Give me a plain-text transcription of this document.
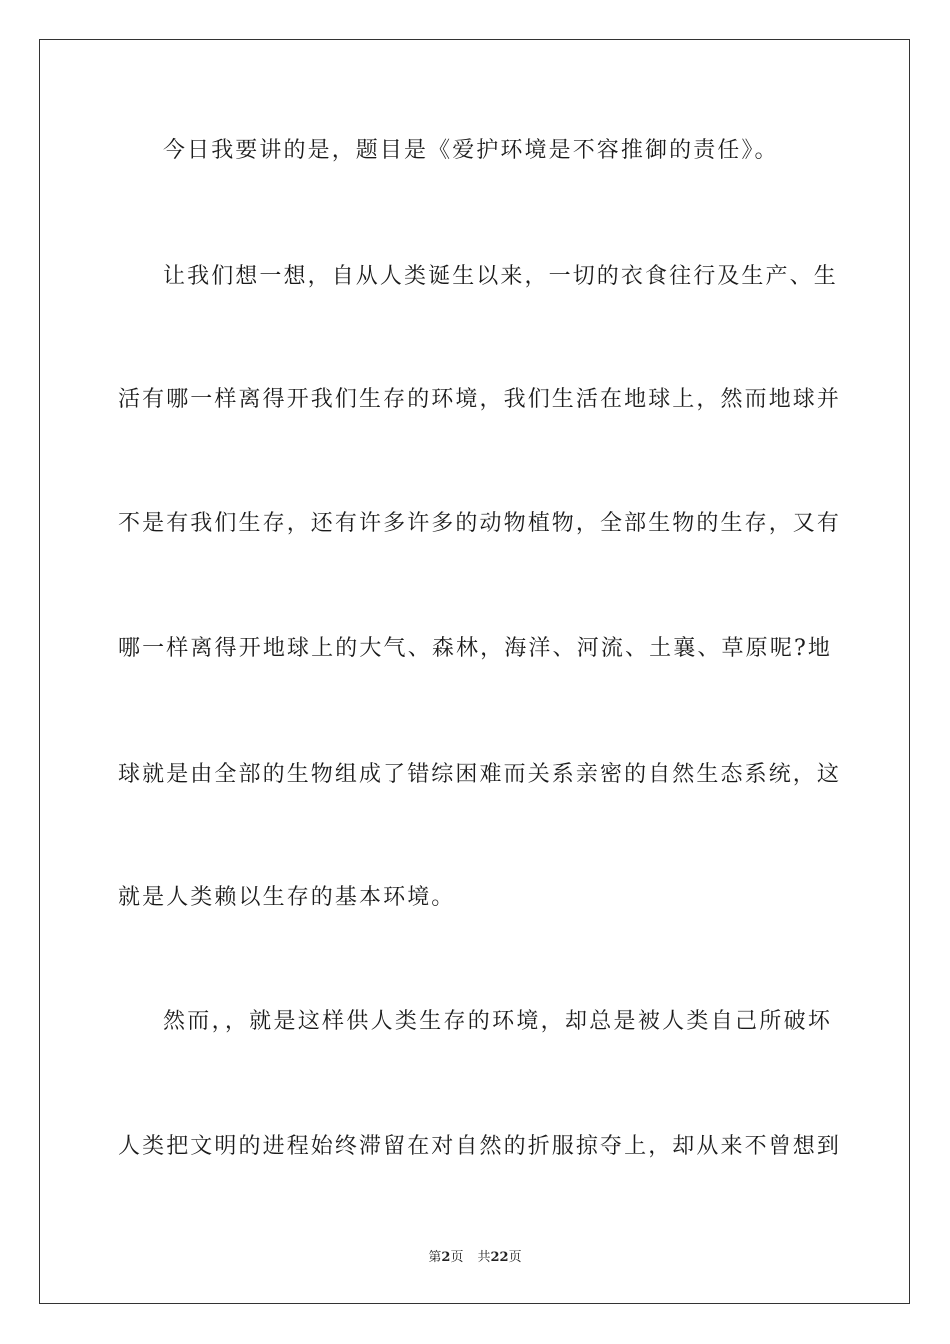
今日我要讲的是，题目是《爱护环境是不容推御的责任》。
让我们想一想，自从人类诞生以来，一切的衣食往行及生产、生
活有哪一样离得开我们生存的环境，我们生活在地球上，然而地球并
不是有我们生存，还有许多许多的动物植物，全部生物的生存，又有
哪一样离得开地球上的大气、森林，海洋、河流、土襄、草原呢?地
球就是由全部的生物组成了错综困难而关系亲密的自然生态系统，这
就是人类赖以生存的基本环境。
然而，，就是这样供人类生存的环境，却总是被人类自己所破坏
人类把文明的进程始终滞留在对自然的折服掠夺上，却从来不曾想到
第2页 共22页
